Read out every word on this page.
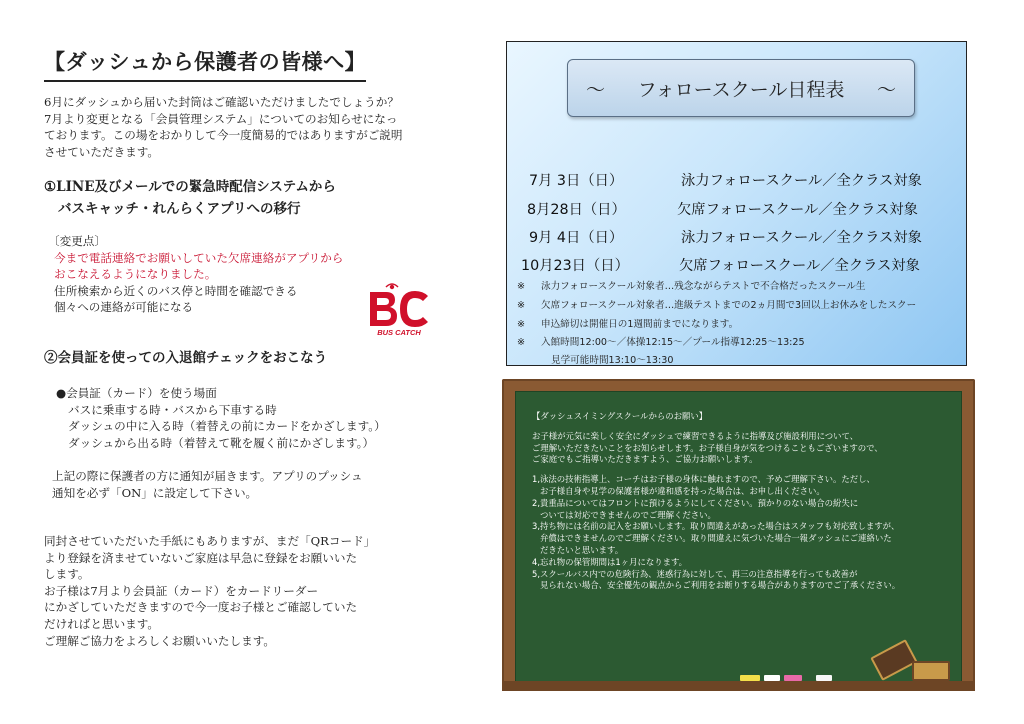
【ダッシュから保護者の皆様へ】
6月にダッシュから届いた封筒はご確認いただけましたでしょうか？
7月より変更となる「会員管理システム」についてのお知らせになっ
ております。この場をおかりして今一度簡易的ではありますがご説明
させていただきます。
①LINE及びメールでの緊急時配信システムから
バスキャッチ・れんらくアプリへの移行
〔変更点〕
今まで電話連絡でお願いしていた欠席連絡がアプリから
おこなえるようになりました。
住所検索から近くのバス停と時間を確認できる
個々への連絡が可能になる
BUS CATCH
②会員証を使っての入退館チェックをおこなう
●会員証（カード）を使う場面
バスに乗車する時・バスから下車する時
ダッシュの中に入る時（着替えの前にカードをかざします。）
ダッシュから出る時（着替えて靴を履く前にかざします。）
上記の際に保護者の方に通知が届きます。アプリのプッシュ
通知を必ず「ON」に設定して下さい。
同封させていただいた手紙にもありますが、まだ「QRコード」
より登録を済ませていないご家庭は早急に登録をお願いいた
します。
お子様は7月より会員証（カード）をカードリーダー
にかざしていただきますので今一度お子様とご確認していた
だければと思います。
ご理解ご協力をよろしくお願いいたします。
〜 フォロースクール日程表 〜
7月 3日（日）	泳力フォロースクール／全クラス対象
8月28日（日）	欠席フォロースクール／全クラス対象
9月 4日（日）	泳力フォロースクール／全クラス対象
10月23日（日）	欠席フォロースクール／全クラス対象
※ 泳力フォロースクール対象者…残念ながらテストで不合格だったスクール生
※ 欠席フォロースクール対象者…進級テストまでの2ヵ月間で3回以上お休みをしたスクー
※ 申込締切は開催日の1週間前までになります。
※ 入館時間12:00〜／体操12:15〜／プール指導12:25〜13:25
見学可能時間13:10〜13:30
【ダッシュスイミングスクールからのお願い】
お子様が元気に楽しく安全にダッシュで練習できるように指導及び施設利用について、
ご理解いただきたいことをお知らせします。お子様自身が気をつけることもございますので、
ご家庭でもご指導いただきますよう、ご協力お願いします。
1,泳法の技術指導上、コーチはお子様の身体に触れますので、予めご理解下さい。ただし、
お子様自身や見学の保護者様が違和感を持った場合は、お申し出ください。
2,貴重品についてはフロントに預けるようにしてください。預かりのない場合の紛失に
ついては対応できませんのでご理解ください。
3,持ち物には名前の記入をお願いします。取り間違えがあった場合はスタッフも対応致しますが、
弁償はできませんのでご理解ください。取り間違えに気づいた場合一報ダッシュにご連絡いた
だきたいと思います。
4,忘れ物の保管期間は1ヶ月になります。
5,スクールバス内での危険行為、迷惑行為に対して、再三の注意指導を行っても改善が
見られない場合、安全優先の観点からご利用をお断りする場合がありますのでご了承ください。
